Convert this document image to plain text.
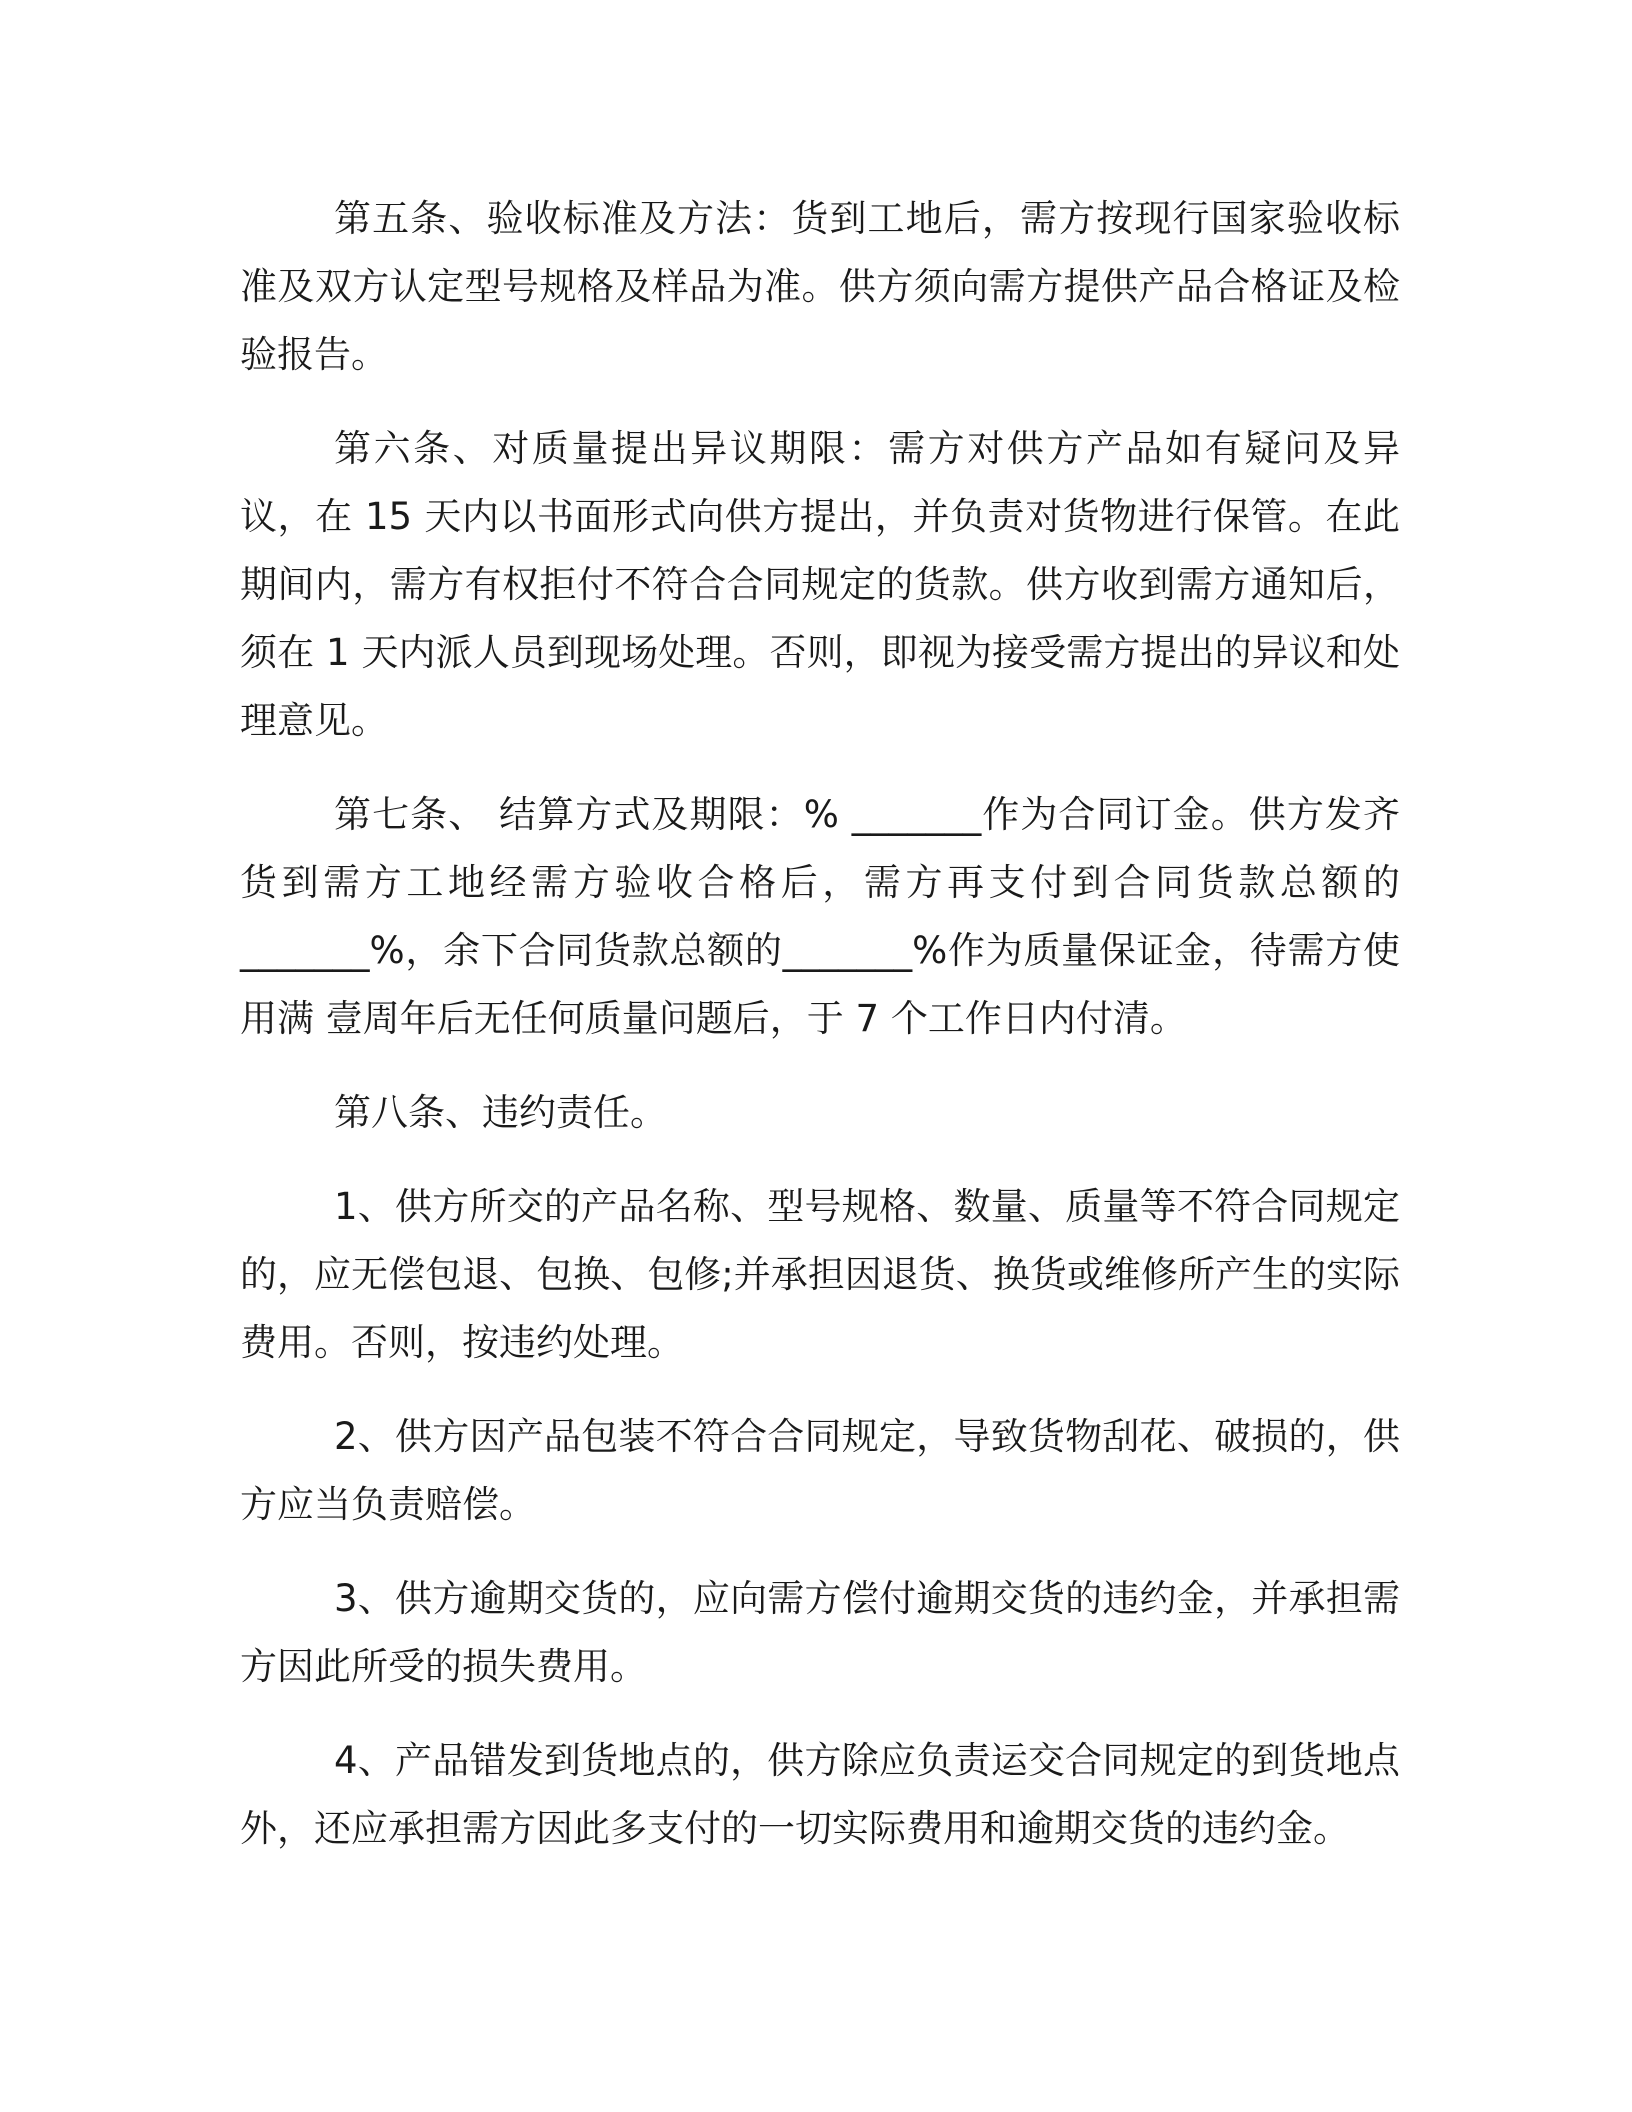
第五条、验收标准及方法：货到工地后，需方按现行国家验收标准及双方认定型号规格及样品为准。供方须向需方提供产品合格证及检验报告。

第六条、对质量提出异议期限：需方对供方产品如有疑问及异议，在 15 天内以书面形式向供方提出，并负责对货物进行保管。在此期间内，需方有权拒付不符合合同规定的货款。供方收到需方通知后，须在 1 天内派人员到现场处理。否则，即视为接受需方提出的异议和处理意见。

第七条、 结算方式及期限：% _______作为合同订金。供方发齐货到需方工地经需方验收合格后，需方再支付到合同货款总额的_______%，余下合同货款总额的_______%作为质量保证金，待需方使用满 壹周年后无任何质量问题后，于 7 个工作日内付清。

第八条、违约责任。

1、供方所交的产品名称、型号规格、数量、质量等不符合同规定的，应无偿包退、包换、包修;并承担因退货、换货或维修所产生的实际费用。否则，按违约处理。

2、供方因产品包装不符合合同规定，导致货物刮花、破损的，供方应当负责赔偿。

3、供方逾期交货的，应向需方偿付逾期交货的违约金，并承担需方因此所受的损失费用。

4、产品错发到货地点的，供方除应负责运交合同规定的到货地点外，还应承担需方因此多支付的一切实际费用和逾期交货的违约金。
